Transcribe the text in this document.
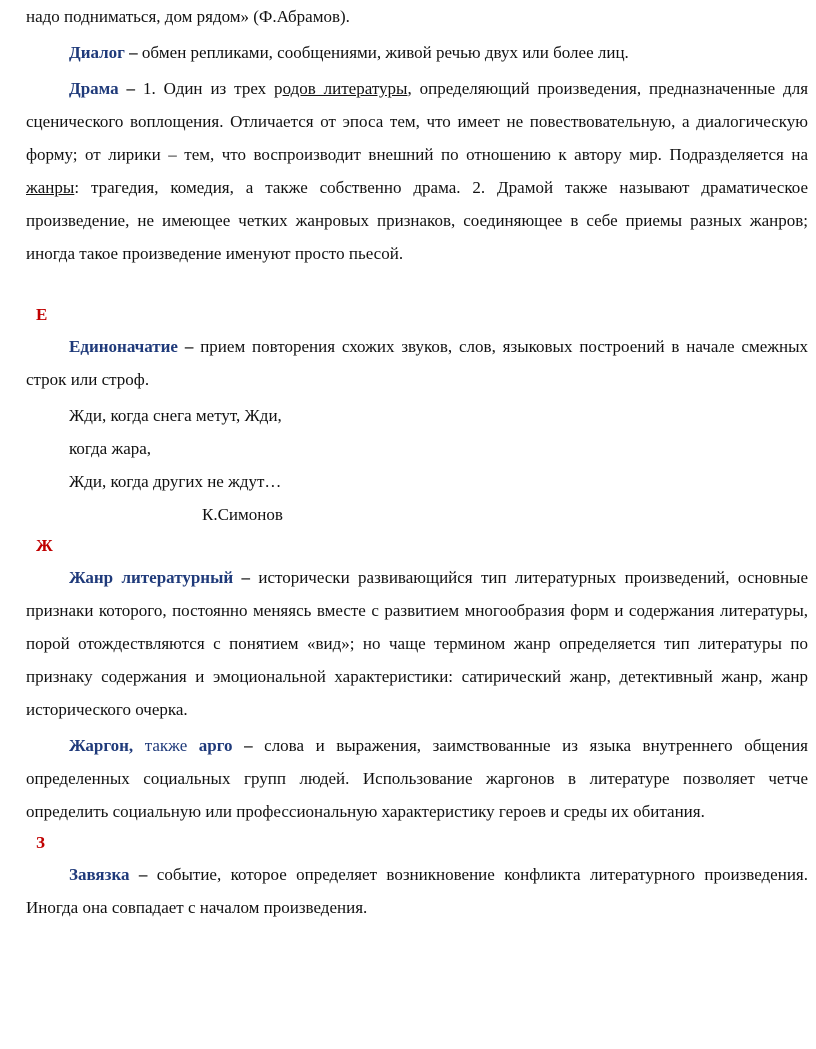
надо подниматься, дом рядом» (Ф.Абрамов).

Диалог – обмен репликами, сообщениями, живой речью двух или более лиц.

Драма – 1. Один из трех родов литературы, определяющий произведения, предназначенные для сценического воплощения. Отличается от эпоса тем, что имеет не повествовательную, а диалогическую форму; от лирики – тем, что воспроизводит внешний по отношению к автору мир. Подразделяется на жанры: трагедия, комедия, а также собственно драма. 2. Драмой также называют драматическое произведение, не имеющее четких жанровых признаков, соединяющее в себе приемы разных жанров; иногда такое произведение именуют просто пьесой.

Е

Единоначатие – прием повторения схожих звуков, слов, языковых построений в начале смежных строк или строф.

Жди, когда снега метут, Жди,

когда жара,

Жди, когда других не ждут…

К.Симонов

Ж

Жанр литературный – исторически развивающийся тип литературных произведений, основные признаки которого, постоянно меняясь вместе с развитием многообразия форм и содержания литературы, порой отождествляются с понятием «вид»; но чаще термином жанр определяется тип литературы по признаку содержания и эмоциональной характеристики: сатирический жанр, детективный жанр, жанр исторического очерка.

Жаргон, также арго – слова и выражения, заимствованные из языка внутреннего общения определенных социальных групп людей. Использование жаргонов в литературе позволяет четче определить социальную или профессиональную характеристику героев и среды их обитания.

З

Завязка – событие, которое определяет возникновение конфликта литературного произведения. Иногда она совпадает с началом произведения.
